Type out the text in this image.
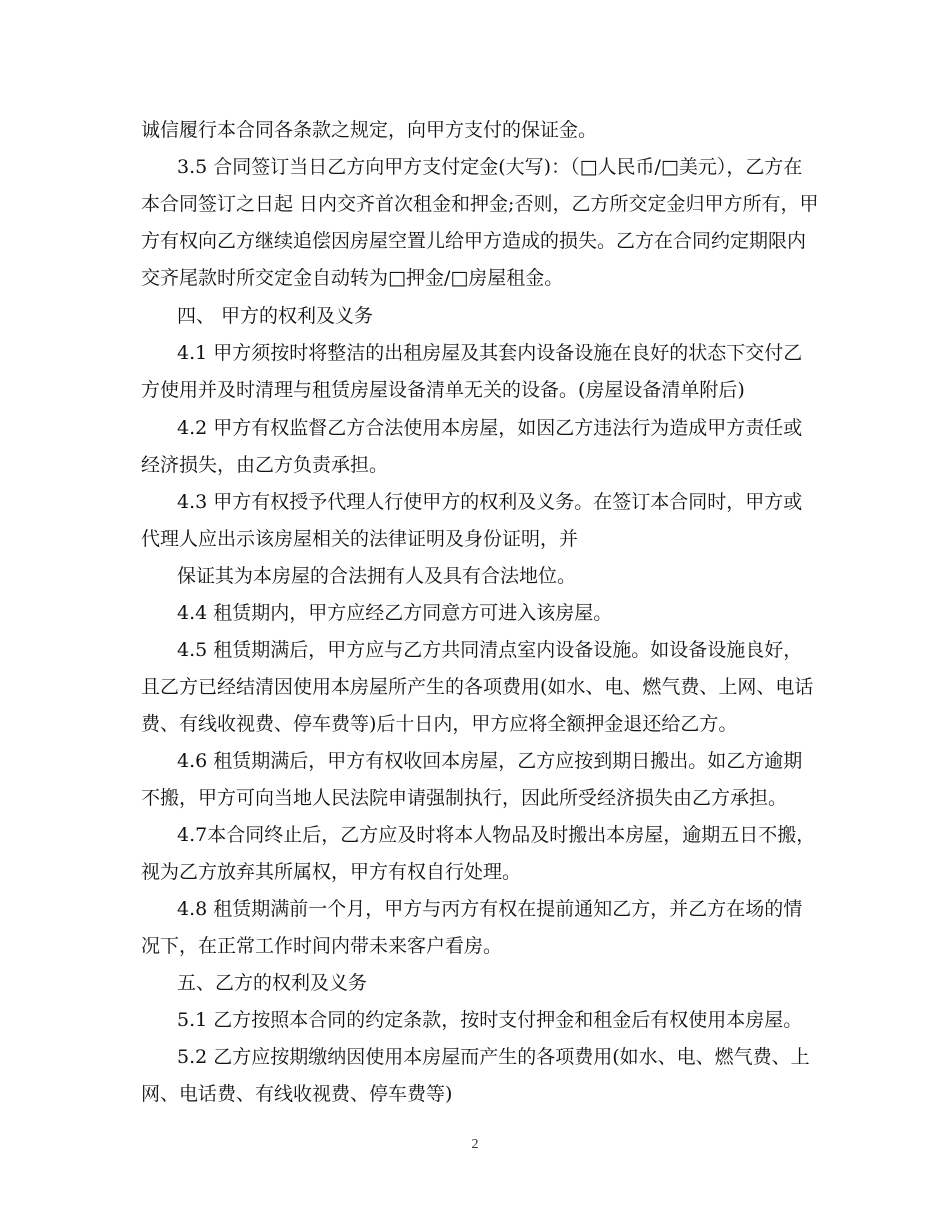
诚信履行本合同各条款之规定，向甲方支付的保证金。
3.5 合同签订当日乙方向甲方支付定金(大写)：（□人民币/□美元），乙方在
本合同签订之日起 日内交齐首次租金和押金;否则，乙方所交定金归甲方所有，甲
方有权向乙方继续追偿因房屋空置儿给甲方造成的损失。乙方在合同约定期限内
交齐尾款时所交定金自动转为□押金/□房屋租金。
四、 甲方的权利及义务
4.1 甲方须按时将整洁的出租房屋及其套内设备设施在良好的状态下交付乙
方使用并及时清理与租赁房屋设备清单无关的设备。(房屋设备清单附后)
4.2 甲方有权监督乙方合法使用本房屋，如因乙方违法行为造成甲方责任或
经济损失，由乙方负责承担。
4.3 甲方有权授予代理人行使甲方的权利及义务。在签订本合同时，甲方或
代理人应出示该房屋相关的法律证明及身份证明，并
保证其为本房屋的合法拥有人及具有合法地位。
4.4 租赁期内，甲方应经乙方同意方可进入该房屋。
4.5 租赁期满后，甲方应与乙方共同清点室内设备设施。如设备设施良好，
且乙方已经结清因使用本房屋所产生的各项费用(如水、电、燃气费、上网、电话
费、有线收视费、停车费等)后十日内，甲方应将全额押金退还给乙方。
4.6 租赁期满后，甲方有权收回本房屋，乙方应按到期日搬出。如乙方逾期
不搬，甲方可向当地人民法院申请强制执行，因此所受经济损失由乙方承担。
4.7本合同终止后，乙方应及时将本人物品及时搬出本房屋，逾期五日不搬，
视为乙方放弃其所属权，甲方有权自行处理。
4.8 租赁期满前一个月，甲方与丙方有权在提前通知乙方，并乙方在场的情
况下，在正常工作时间内带未来客户看房。
五、乙方的权利及义务
5.1 乙方按照本合同的约定条款，按时支付押金和租金后有权使用本房屋。
5.2 乙方应按期缴纳因使用本房屋而产生的各项费用(如水、电、燃气费、上
网、电话费、有线收视费、停车费等)
2
